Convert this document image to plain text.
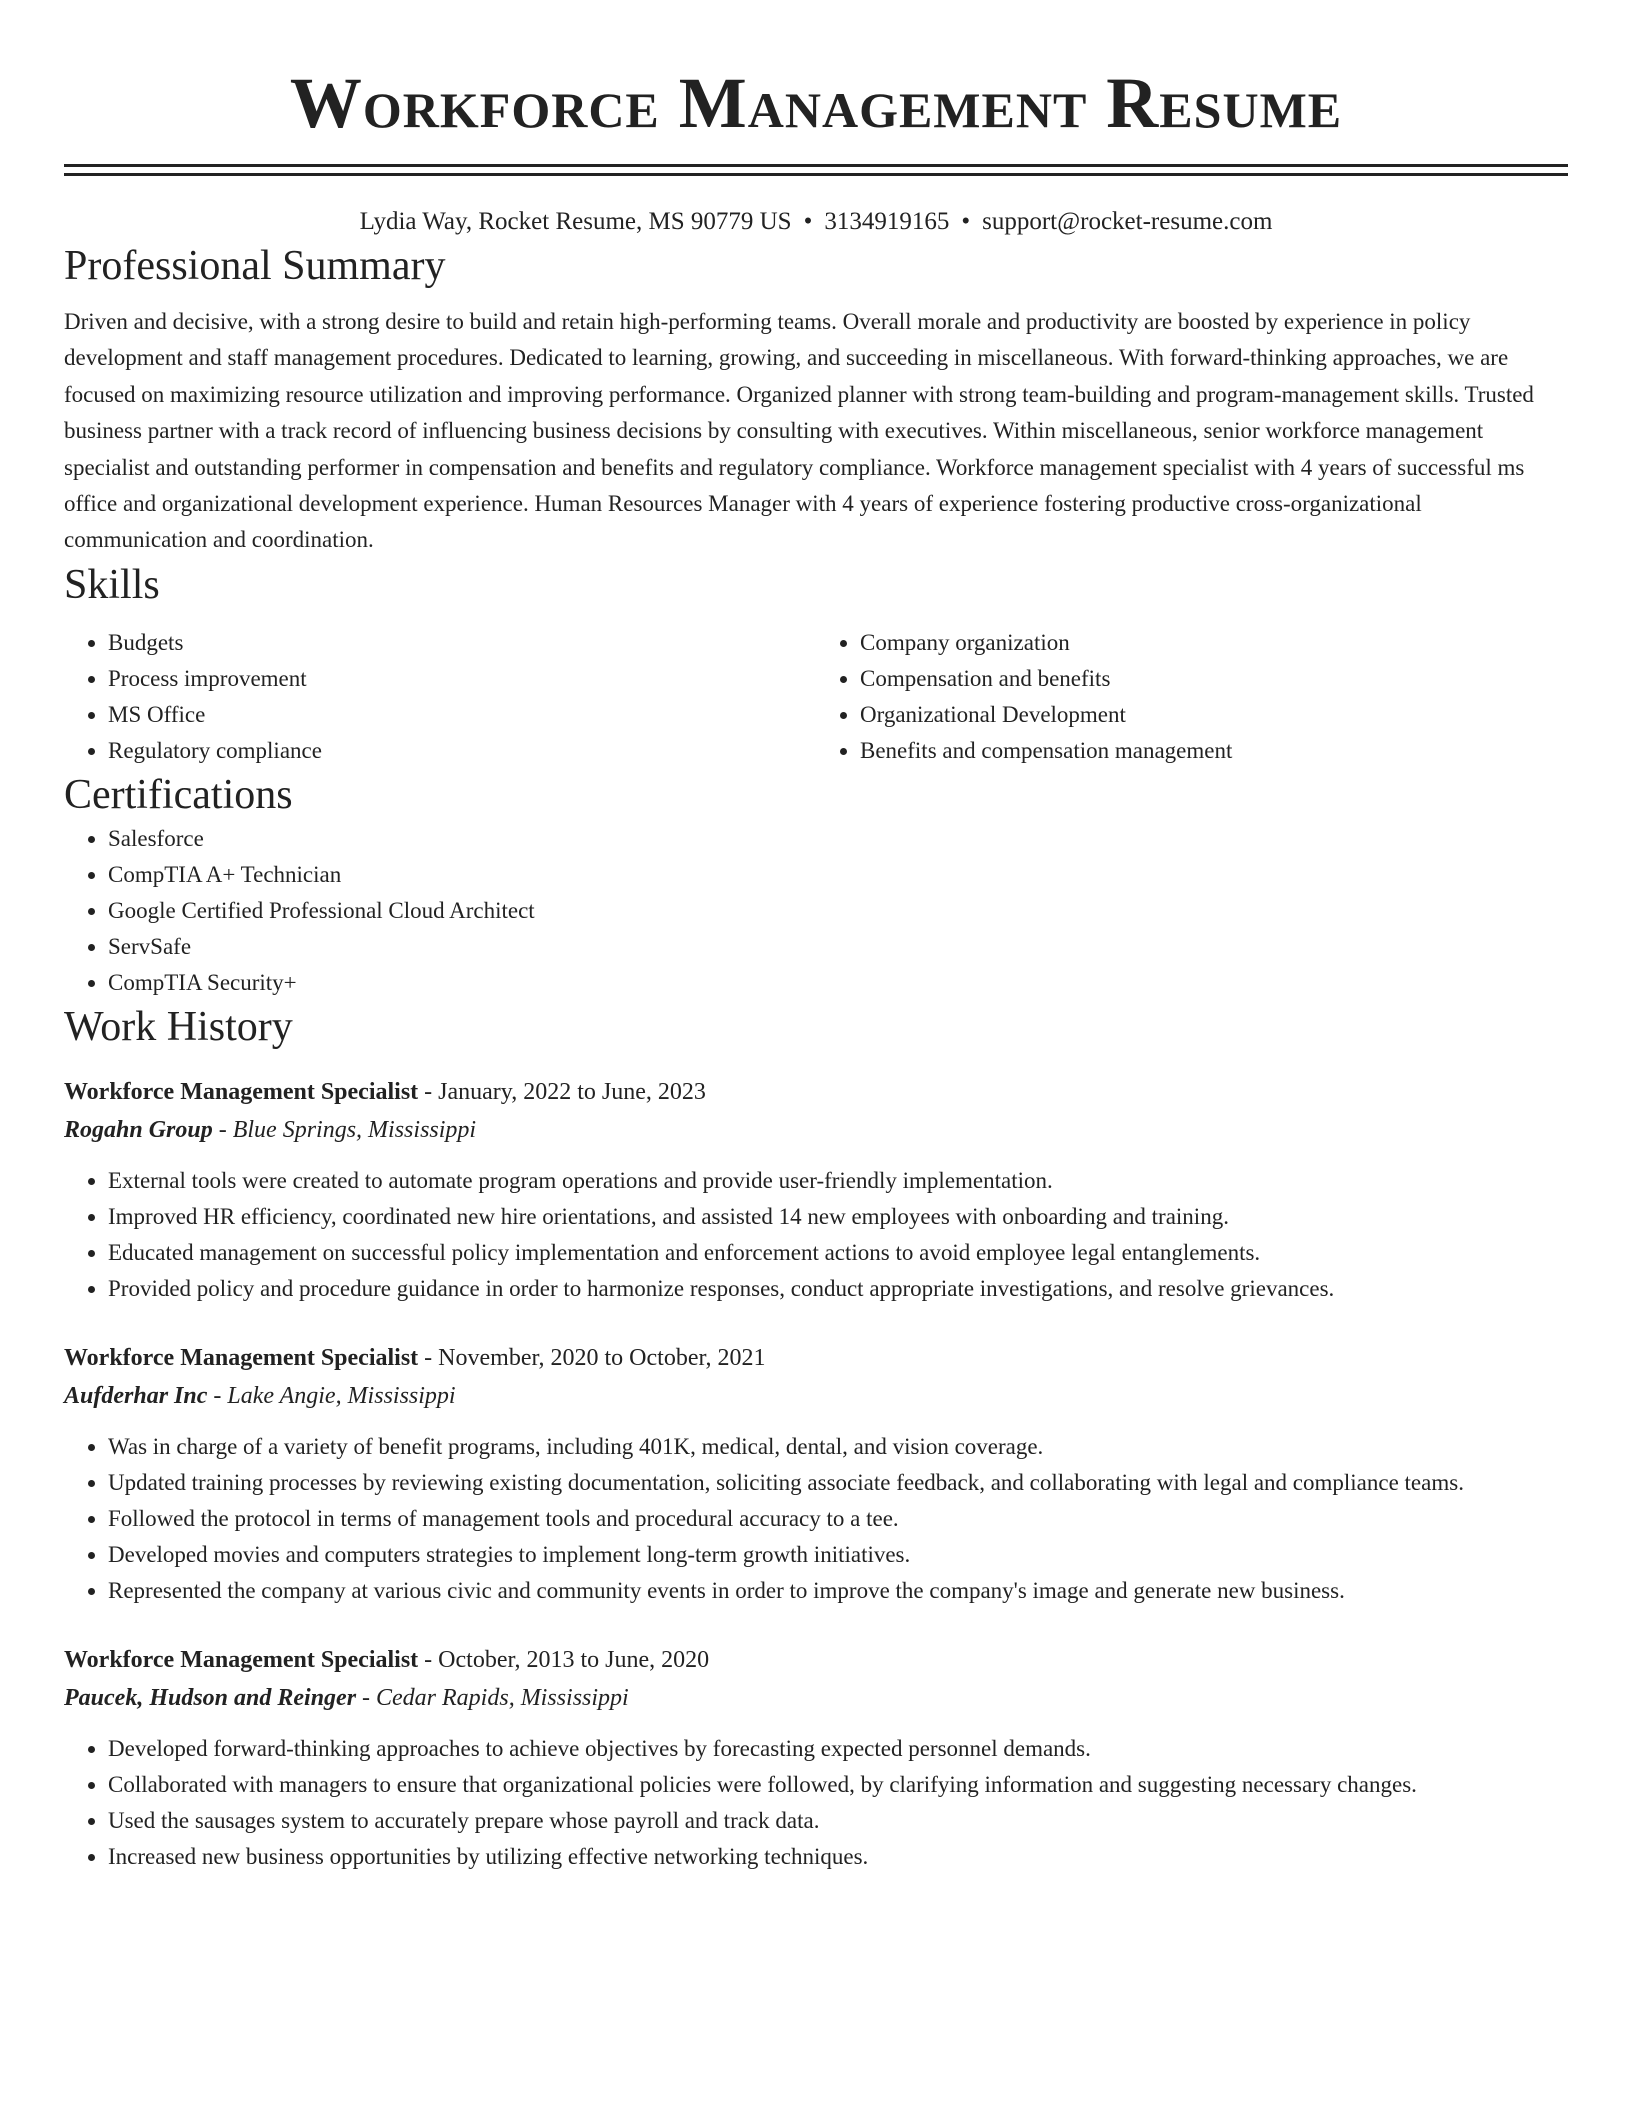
Workforce Management Resume
Lydia Way, Rocket Resume, MS 90779 US • 3134919165 • support@rocket-resume.com
Professional Summary

Driven and decisive, with a strong desire to build and retain high-performing teams. Overall morale and productivity are boosted by experience in policy development and staff management procedures. Dedicated to learning, growing, and succeeding in miscellaneous. With forward-thinking approaches, we are focused on maximizing resource utilization and improving performance. Organized planner with strong team-building and program-management skills. Trusted business partner with a track record of influencing business decisions by consulting with executives. Within miscellaneous, senior workforce management specialist and outstanding performer in compensation and benefits and regulatory compliance. Workforce management specialist with 4 years of successful ms office and organizational development experience. Human Resources Manager with 4 years of experience fostering productive cross-organizational communication and coordination.

Skills
• Budgets
• Process improvement
• MS Office
• Regulatory compliance
• Company organization
• Compensation and benefits
• Organizational Development
• Benefits and compensation management
Certifications
• Salesforce
• CompTIA A+ Technician
• Google Certified Professional Cloud Architect
• ServSafe
• CompTIA Security+
Work History
Workforce Management Specialist - January, 2022 to June, 2023
Rogahn Group - Blue Springs, Mississippi
• External tools were created to automate program operations and provide user-friendly implementation.
• Improved HR efficiency, coordinated new hire orientations, and assisted 14 new employees with onboarding and training.
• Educated management on successful policy implementation and enforcement actions to avoid employee legal entanglements.
• Provided policy and procedure guidance in order to harmonize responses, conduct appropriate investigations, and resolve grievances.
Workforce Management Specialist - November, 2020 to October, 2021
Aufderhar Inc - Lake Angie, Mississippi
• Was in charge of a variety of benefit programs, including 401K, medical, dental, and vision coverage.
• Updated training processes by reviewing existing documentation, soliciting associate feedback, and collaborating with legal and compliance teams.
• Followed the protocol in terms of management tools and procedural accuracy to a tee.
• Developed movies and computers strategies to implement long-term growth initiatives.
• Represented the company at various civic and community events in order to improve the company's image and generate new business.
Workforce Management Specialist - October, 2013 to June, 2020
Paucek, Hudson and Reinger - Cedar Rapids, Mississippi
• Developed forward-thinking approaches to achieve objectives by forecasting expected personnel demands.
• Collaborated with managers to ensure that organizational policies were followed, by clarifying information and suggesting necessary changes.
• Used the sausages system to accurately prepare whose payroll and track data.
• Increased new business opportunities by utilizing effective networking techniques.
